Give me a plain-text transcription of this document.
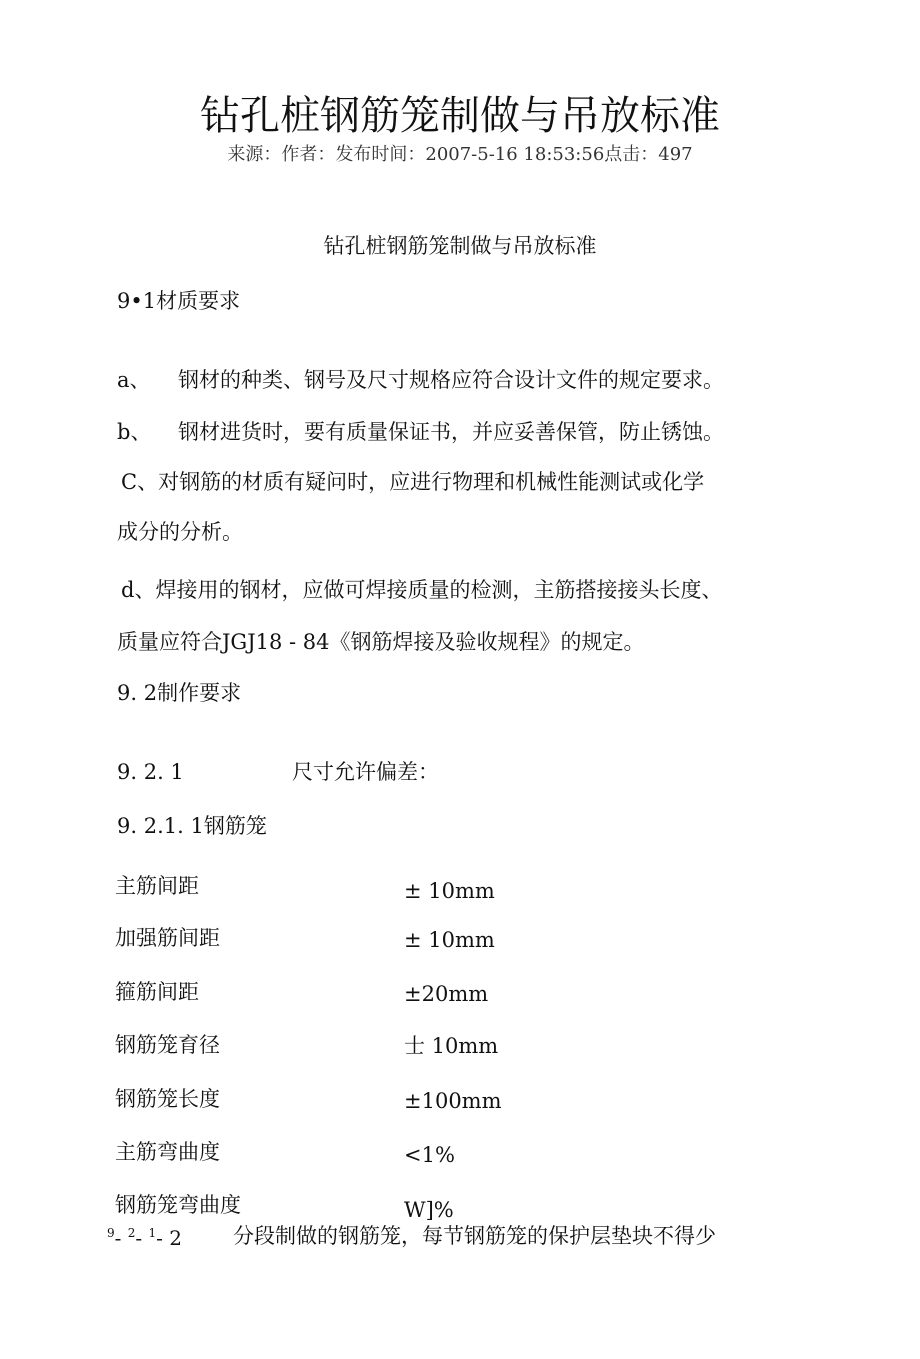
钻孔桩钢筋笼制做与吊放标准
来源：作者：发布时间：2007-5-16 18:53:56点击：497
钻孔桩钢筋笼制做与吊放标准
9•1材质要求
a、 钢材的种类、钢号及尺寸规格应符合设计文件的规定要求。
b、 钢材进货时，要有质量保证书，并应妥善保管，防止锈蚀。
C、对钢筋的材质有疑问时，应进行物理和机械性能测试或化学
成分的分析。
d、焊接用的钢材，应做可焊接质量的检测，主筋搭接接头长度、
质量应符合JGJ18 - 84《钢筋焊接及验收规程》的规定。
9. 2制作要求
9. 2. 1	尺寸允许偏差：
9. 2.1. 1钢筋笼
主筋间距	± 10mm
加强筋间距	± 10mm
箍筋间距	±20mm
钢筋笼育径	士 10mm
钢筋笼长度	±100mm
主筋弯曲度	<1%
钢筋笼弯曲度	W]%
$^9$- $^2$- $^1$- 2 分段制做的钢筋笼，每节钢筋笼的保护层垫块不得少
